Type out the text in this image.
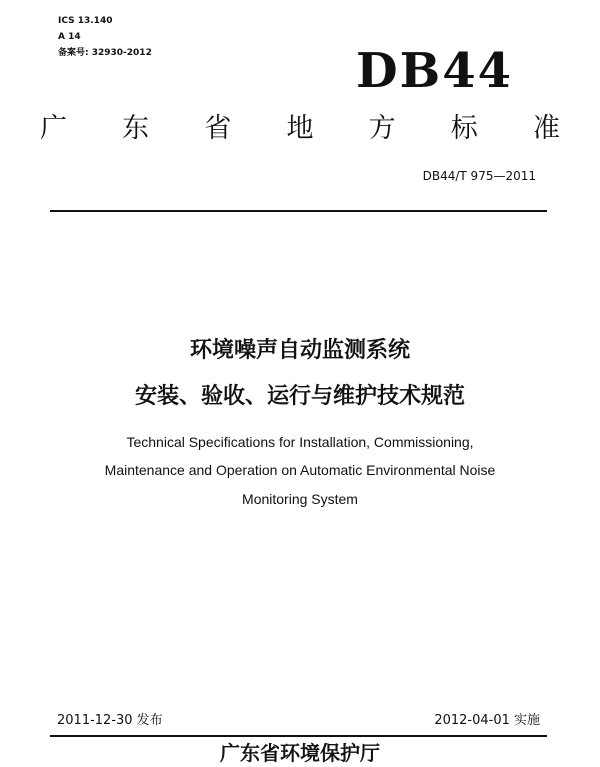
ICS 13.140
A 14
备案号: 32930-2012	DB44
广 东 省 地 方 标 准
DB44/T 975—2011
环境噪声自动监测系统
安装、验收、运行与维护技术规范
Technical Specifications for Installation, Commissioning,
Maintenance and Operation on Automatic Environmental Noise
Monitoring System
2011-12-30 发布	2012-04-01 实施
广东省环境保护厅
